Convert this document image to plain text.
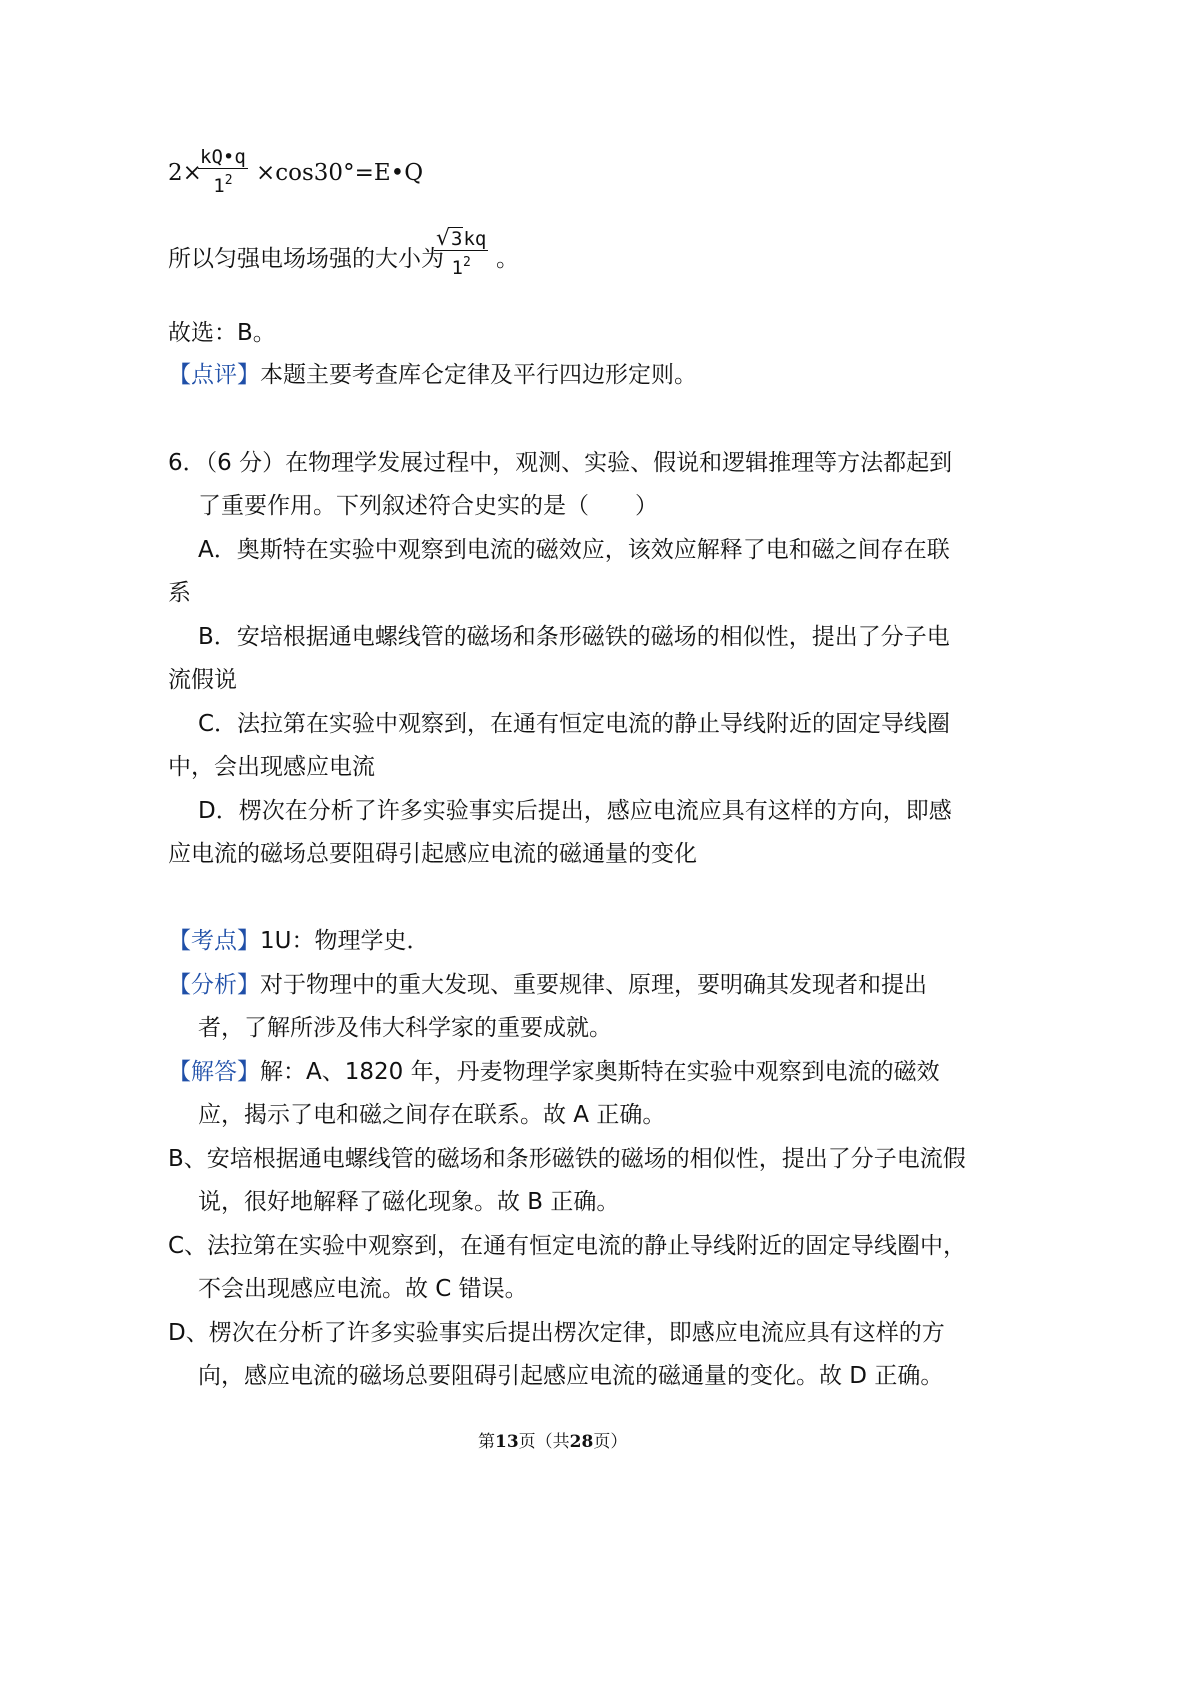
2×
kQ•q
$1^2$	×cos30°=E•Q
所以匀强电场场强的大小为
√3kq
$1^2$	。
故选：B。
【点评】本题主要考查库仑定律及平行四边形定则。
6．（6 分）在物理学发展过程中，观测、实验、假说和逻辑推理等方法都起到
了重要作用。下列叙述符合史实的是（　　）
A．奥斯特在实验中观察到电流的磁效应，该效应解释了电和磁之间存在联
系
B．安培根据通电螺线管的磁场和条形磁铁的磁场的相似性，提出了分子电
流假说
C．法拉第在实验中观察到，在通有恒定电流的静止导线附近的固定导线圈
中，会出现感应电流
D．楞次在分析了许多实验事实后提出，感应电流应具有这样的方向，即感
应电流的磁场总要阻碍引起感应电流的磁通量的变化
【考点】1U：物理学史．
【分析】对于物理中的重大发现、重要规律、原理，要明确其发现者和提出
者，了解所涉及伟大科学家的重要成就。
【解答】解：A、1820 年，丹麦物理学家奥斯特在实验中观察到电流的磁效
应，揭示了电和磁之间存在联系。故 A 正确。
B、安培根据通电螺线管的磁场和条形磁铁的磁场的相似性，提出了分子电流假
说，很好地解释了磁化现象。故 B 正确。
C、法拉第在实验中观察到，在通有恒定电流的静止导线附近的固定导线圈中，
不会出现感应电流。故 C 错误。
D、楞次在分析了许多实验事实后提出楞次定律，即感应电流应具有这样的方
向，感应电流的磁场总要阻碍引起感应电流的磁通量的变化。故 D 正确。
第13页（共28页）
